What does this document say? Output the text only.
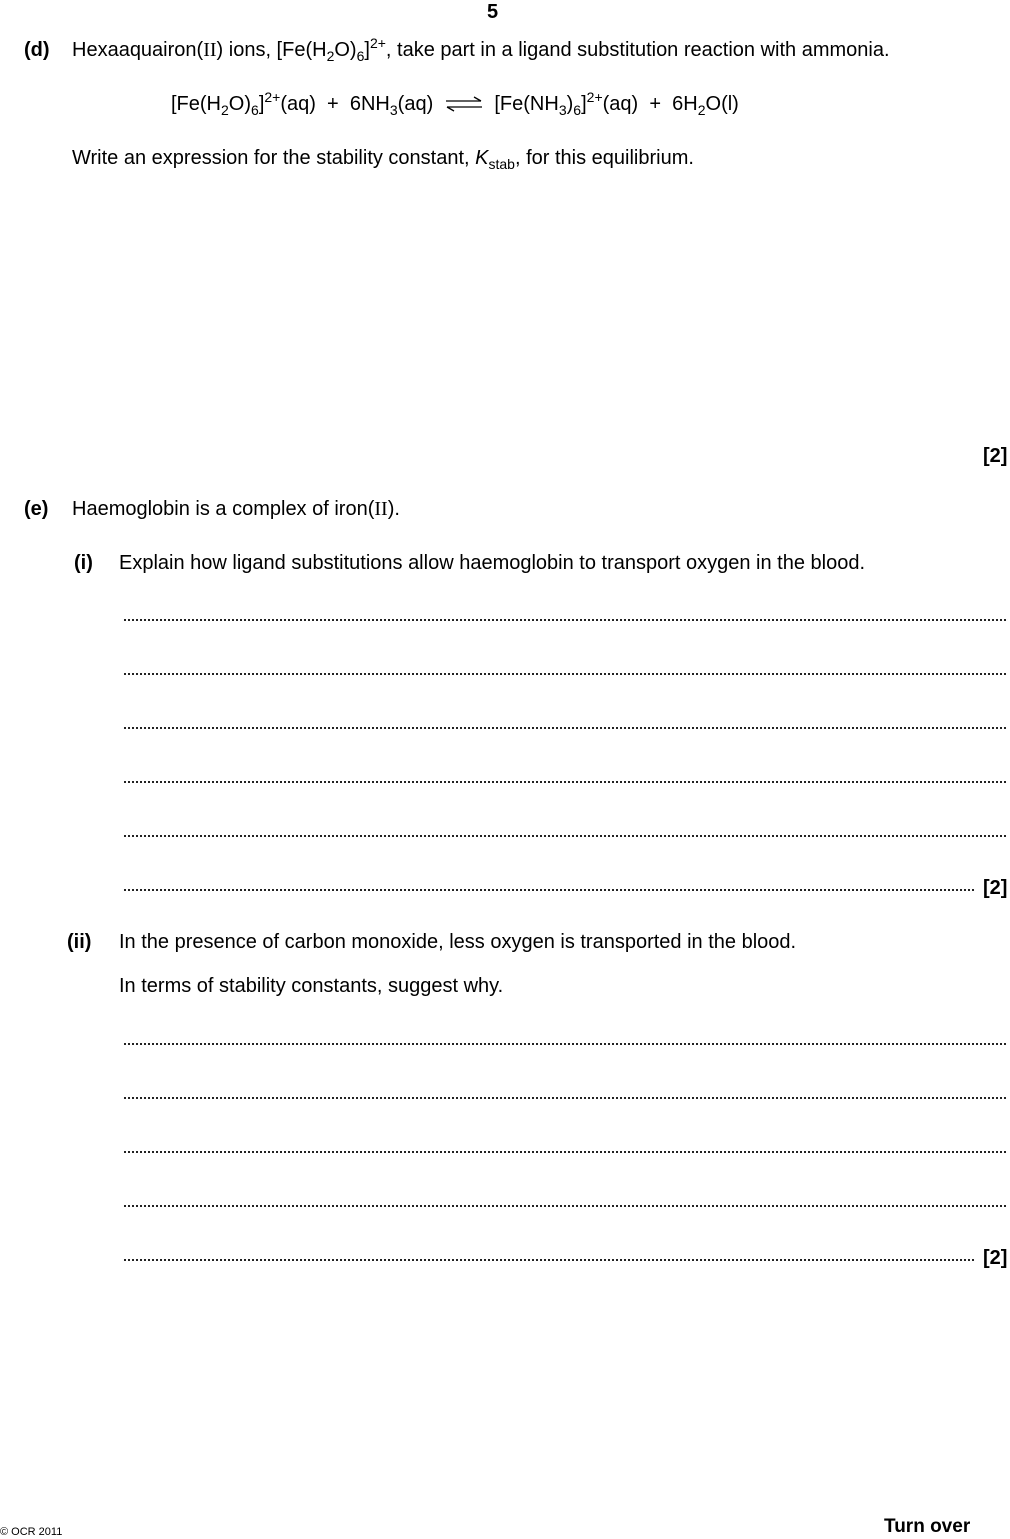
5
(d) Hexaaquairon(II) ions, $[Fe(H_2O)_6]^{2+}$, take part in a ligand substitution reaction with ammonia.
$[Fe(H_2O)_6]^{2+}(aq) + 6NH_3(aq)$ ⇌ $[Fe(NH_3)_6]^{2+}(aq) + 6H_2O(l)$
Write an expression for the stability constant, $K_{stab}$, for this equilibrium.
[2]
(e) Haemoglobin is a complex of iron(II).
(i) Explain how ligand substitutions allow haemoglobin to transport oxygen in the blood.
[2]
(ii) In the presence of carbon monoxide, less oxygen is transported in the blood.
In terms of stability constants, suggest why.
[2]
© OCR 2011	Turn over
